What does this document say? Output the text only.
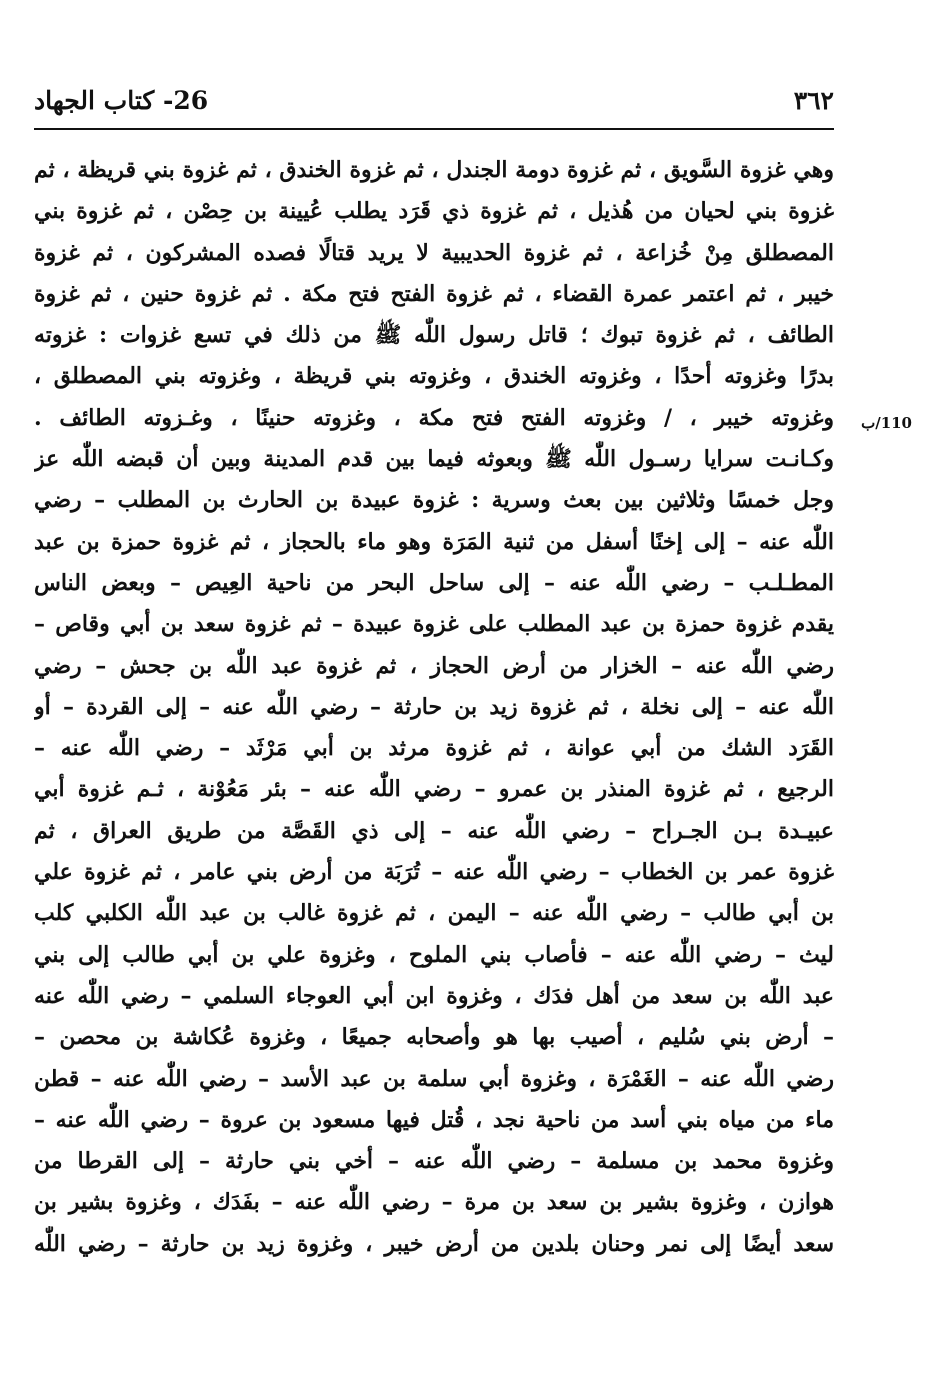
٣٦٢
26- كتاب الجهاد
110/ب
وهي غزوة السَّويق ، ثم غزوة دومة الجندل ، ثم غزوة الخندق ، ثم غزوة بني قريظة ، ثم
غزوة بني لحيان من هُذيل ، ثم غزوة ذي قَرَد يطلب عُيينة بن حِصْن ، ثم غزوة بني
المصطلق مِنْ خُزاعة ، ثم غزوة الحديبية لا يريد قتالًا فصده المشركون ، ثم غزوة
خيبر ، ثم اعتمر عمرة القضاء ، ثم غزوة الفتح فتح مكة . ثم غزوة حنين ، ثم غزوة
الطائف ، ثم غزوة تبوك ؛ قاتل رسول اللّٰه ﷺ من ذلك في تسع غزوات : غزوته
بدرًا وغزوته أحدًا ، وغزوته الخندق ، وغزوته بني قريظة ، وغزوته بني المصطلق ،
وغزوته خيبر ، / وغزوته الفتح فتح مكة ، وغزوته حنينًا ، وغـزوته الطائف .
وكـانـت سرايا رسـول اللّٰه ﷺ وبعوثه فيما بين قدم المدينة وبين أن قبضه اللّٰه عز
وجل خمسًا وثلاثين بين بعث وسرية : غزوة عبيدة بن الحارث بن المطلب – رضي
اللّٰه عنه – إلى إخنًا أسفل من ثنية المَرَة وهو ماء بالحجاز ، ثم غزوة حمزة بن عبد
المطـلـب – رضي اللّٰه عنه – إلى ساحل البحر من ناحية العِيص – وبعض الناس
يقدم غزوة حمزة بن عبد المطلب على غزوة عبيدة – ثم غزوة سعد بن أبي وقاص –
رضي اللّٰه عنه – الخزار من أرض الحجاز ، ثم غزوة عبد اللّٰه بن جحش – رضي
اللّٰه عنه – إلى نخلة ، ثم غزوة زيد بن حارثة – رضي اللّٰه عنه – إلى القردة – أو
القَرَد الشك من أبي عوانة ، ثم غزوة مرثد بن أبي مَرْثَد – رضي اللّٰه عنه –
الرجيع ، ثم غزوة المنذر بن عمرو – رضي اللّٰه عنه – بئر مَعُوْنة ، ثـم غزوة أبي
عبيـدة بـن الجـراح – رضي اللّٰه عنه – إلى ذي القَصَّة من طريق العراق ، ثم
غزوة عمر بن الخطاب – رضي اللّٰه عنه – تُرَبَة من أرض بني عامر ، ثم غزوة علي
بن أبي طالب – رضي اللّٰه عنه – اليمن ، ثم غزوة غالب بن عبد اللّٰه الكلبي كلب
ليث – رضي اللّٰه عنه – فأصاب بني الملوح ، وغزوة علي بن أبي طالب إلى بني
عبد اللّٰه بن سعد من أهل فدَك ، وغزوة ابن أبي العوجاء السلمي – رضي اللّٰه عنه
– أرض بني سُليم ، أصيب بها هو وأصحابه جميعًا ، وغزوة عُكاشة بن محصن –
رضي اللّٰه عنه – الغَمْرَة ، وغزوة أبي سلمة بن عبد الأسد – رضي اللّٰه عنه – قطن
ماء من مياه بني أسد من ناحية نجد ، قُتل فيها مسعود بن عروة – رضي اللّٰه عنه –
وغزوة محمد بن مسلمة – رضي اللّٰه عنه – أخي بني حارثة – إلى القرطا من
هوازن ، وغزوة بشير بن سعد بن مرة – رضي اللّٰه عنه – بفَدَك ، وغزوة بشير بن
سعد أيضًا إلى نمر وحنان بلدين من أرض خيبر ، وغزوة زيد بن حارثة – رضي اللّٰه
